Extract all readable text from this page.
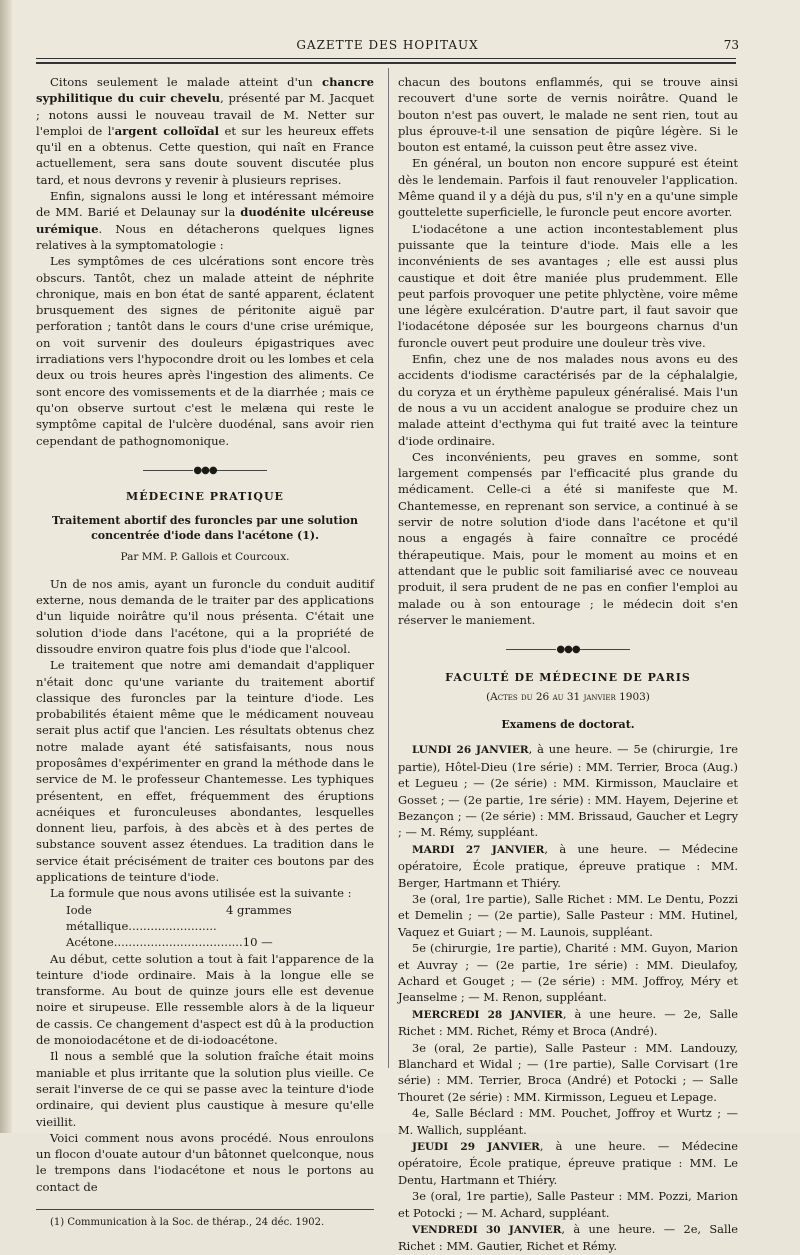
GAZETTE DES HOPITAUX	73

Citons seulement le malade atteint d'un chancre syphilitique du cuir chevelu, présenté par M. Jacquet ; notons aussi le nouveau travail de M. Netter sur l'emploi de l'argent colloïdal et sur les heureux effets qu'il en a obtenus. Cette question, qui naît en France actuellement, sera sans doute souvent discutée plus tard, et nous devrons y revenir à plusieurs reprises.

Enfin, signalons aussi le long et intéressant mémoire de MM. Barié et Delaunay sur la duodénite ulcéreuse urémique. Nous en détacherons quelques lignes relatives à la symptomatologie :

Les symptômes de ces ulcérations sont encore très obscurs. Tantôt, chez un malade atteint de néphrite chronique, mais en bon état de santé apparent, éclatent brusquement des signes de péritonite aiguë par perforation ; tantôt dans le cours d'une crise urémique, on voit survenir des douleurs épigastriques avec irradiations vers l'hypocondre droit ou les lombes et cela deux ou trois heures après l'ingestion des aliments. Ce sont encore des vomissements et de la diarrhée ; mais ce qu'on observe surtout c'est le melæna qui reste le symptôme capital de l'ulcère duodénal, sans avoir rien cependant de pathognomonique.

●●●
MÉDECINE PRATIQUE
Traitement abortif des furoncles par une solution concentrée d'iode dans l'acétone (1).
Par MM. P. Gallois et Courcoux.

Un de nos amis, ayant un furoncle du conduit auditif externe, nous demanda de le traiter par des applications d'un liquide noirâtre qu'il nous présenta. C'était une solution d'iode dans l'acétone, qui a la propriété de dissoudre environ quatre fois plus d'iode que l'alcool.

Le traitement que notre ami demandait d'appliquer n'était donc qu'une variante du traitement abortif classique des furoncles par la teinture d'iode. Les probabilités étaient même que le médicament nouveau serait plus actif que l'ancien. Les résultats obtenus chez notre malade ayant été satisfaisants, nous nous proposâmes d'expérimenter en grand la méthode dans le service de M. le professeur Chantemesse. Les typhiques présentent, en effet, fréquemment des éruptions acnéiques et furonculeuses abondantes, lesquelles donnent lieu, parfois, à des abcès et à des pertes de substance souvent assez étendues. La tradition dans le service était précisément de traiter ces boutons par des applications de teinture d'iode.

La formule que nous avons utilisée est la suivante :

Iode métallique........................
4 grammes
Acétone................................... 10 —

Au début, cette solution a tout à fait l'apparence de la teinture d'iode ordinaire. Mais à la longue elle se transforme. Au bout de quinze jours elle est devenue noire et sirupeuse. Elle ressemble alors à de la liqueur de cassis. Ce changement d'aspect est dû à la production de monoiodacétone et de di-iodoacétone.

Il nous a semblé que la solution fraîche était moins maniable et plus irritante que la solution plus vieille. Ce serait l'inverse de ce qui se passe avec la teinture d'iode ordinaire, qui devient plus caustique à mesure qu'elle vieillit.

Voici comment nous avons procédé. Nous enroulons un flocon d'ouate autour d'un bâtonnet quelconque, nous le trempons dans l'iodacétone et nous le portons au contact de

(1) Communication à la Soc. de thérap., 24 déc. 1902.

chacun des boutons enflammés, qui se trouve ainsi recouvert d'une sorte de vernis noirâtre. Quand le bouton n'est pas ouvert, le malade ne sent rien, tout au plus éprouve-t-il une sensation de piqûre légère. Si le bouton est entamé, la cuisson peut être assez vive.

En général, un bouton non encore suppuré est éteint dès le lendemain. Parfois il faut renouveler l'application. Même quand il y a déjà du pus, s'il n'y en a qu'une simple gouttelette superficielle, le furoncle peut encore avorter.

L'iodacétone a une action incontestablement plus puissante que la teinture d'iode. Mais elle a les inconvénients de ses avantages ; elle est aussi plus caustique et doit être maniée plus prudemment. Elle peut parfois provoquer une petite phlyctène, voire même une légère exulcération. D'autre part, il faut savoir que l'iodacétone déposée sur les bourgeons charnus d'un furoncle ouvert peut produire une douleur très vive.

Enfin, chez une de nos malades nous avons eu des accidents d'iodisme caractérisés par de la céphalalgie, du coryza et un érythème papuleux généralisé. Mais l'un de nous a vu un accident analogue se produire chez un malade atteint d'ecthyma qui fut traité avec la teinture d'iode ordinaire.

Ces inconvénients, peu graves en somme, sont largement compensés par l'efficacité plus grande du médicament. Celle-ci a été si manifeste que M. Chantemesse, en reprenant son service, a continué à se servir de notre solution d'iode dans l'acétone et qu'il nous a engagés à faire connaître ce procédé thérapeutique. Mais, pour le moment au moins et en attendant que le public soit familiarisé avec ce nouveau produit, il sera prudent de ne pas en confier l'emploi au malade ou à son entourage ; le médecin doit s'en réserver le maniement.

●●●
FACULTÉ DE MÉDECINE DE PARIS
(Actes du 26 au 31 janvier 1903)
Examens de doctorat.

LUNDI 26 JANVIER, à une heure. — 5e (chirurgie, 1re partie), Hôtel-Dieu (1re série) : MM. Terrier, Broca (Aug.) et Legueu ; — (2e série) : MM. Kirmisson, Mauclaire et Gosset ; — (2e partie, 1re série) : MM. Hayem, Dejerine et Bezançon ; — (2e série) : MM. Brissaud, Gaucher et Legry ; — M. Rémy, suppléant.

MARDI 27 JANVIER, à une heure. — Médecine opératoire, École pratique, épreuve pratique : MM. Berger, Hartmann et Thiéry.

3e (oral, 1re partie), Salle Richet : MM. Le Dentu, Pozzi et Demelin ; — (2e partie), Salle Pasteur : MM. Hutinel, Vaquez et Guiart ; — M. Launois, suppléant.

5e (chirurgie, 1re partie), Charité : MM. Guyon, Marion et Auvray ; — (2e partie, 1re série) : MM. Dieulafoy, Achard et Gouget ; — (2e série) : MM. Joffroy, Méry et Jeanselme ; — M. Renon, suppléant.

MERCREDI 28 JANVIER, à une heure. — 2e, Salle Richet : MM. Richet, Rémy et Broca (André).

3e (oral, 2e partie), Salle Pasteur : MM. Landouzy, Blanchard et Widal ; — (1re partie), Salle Corvisart (1re série) : MM. Terrier, Broca (André) et Potocki ; — Salle Thouret (2e série) : MM. Kirmisson, Legueu et Lepage.

4e, Salle Béclard : MM. Pouchet, Joffroy et Wurtz ; — M. Wallich, suppléant.

JEUDI 29 JANVIER, à une heure. — Médecine opératoire, École pratique, épreuve pratique : MM. Le Dentu, Hartmann et Thiéry.

3e (oral, 1re partie), Salle Pasteur : MM. Pozzi, Marion et Potocki ; — M. Achard, suppléant.

VENDREDI 30 JANVIER, à une heure. — 2e, Salle Richet : MM. Gautier, Richet et Rémy.
